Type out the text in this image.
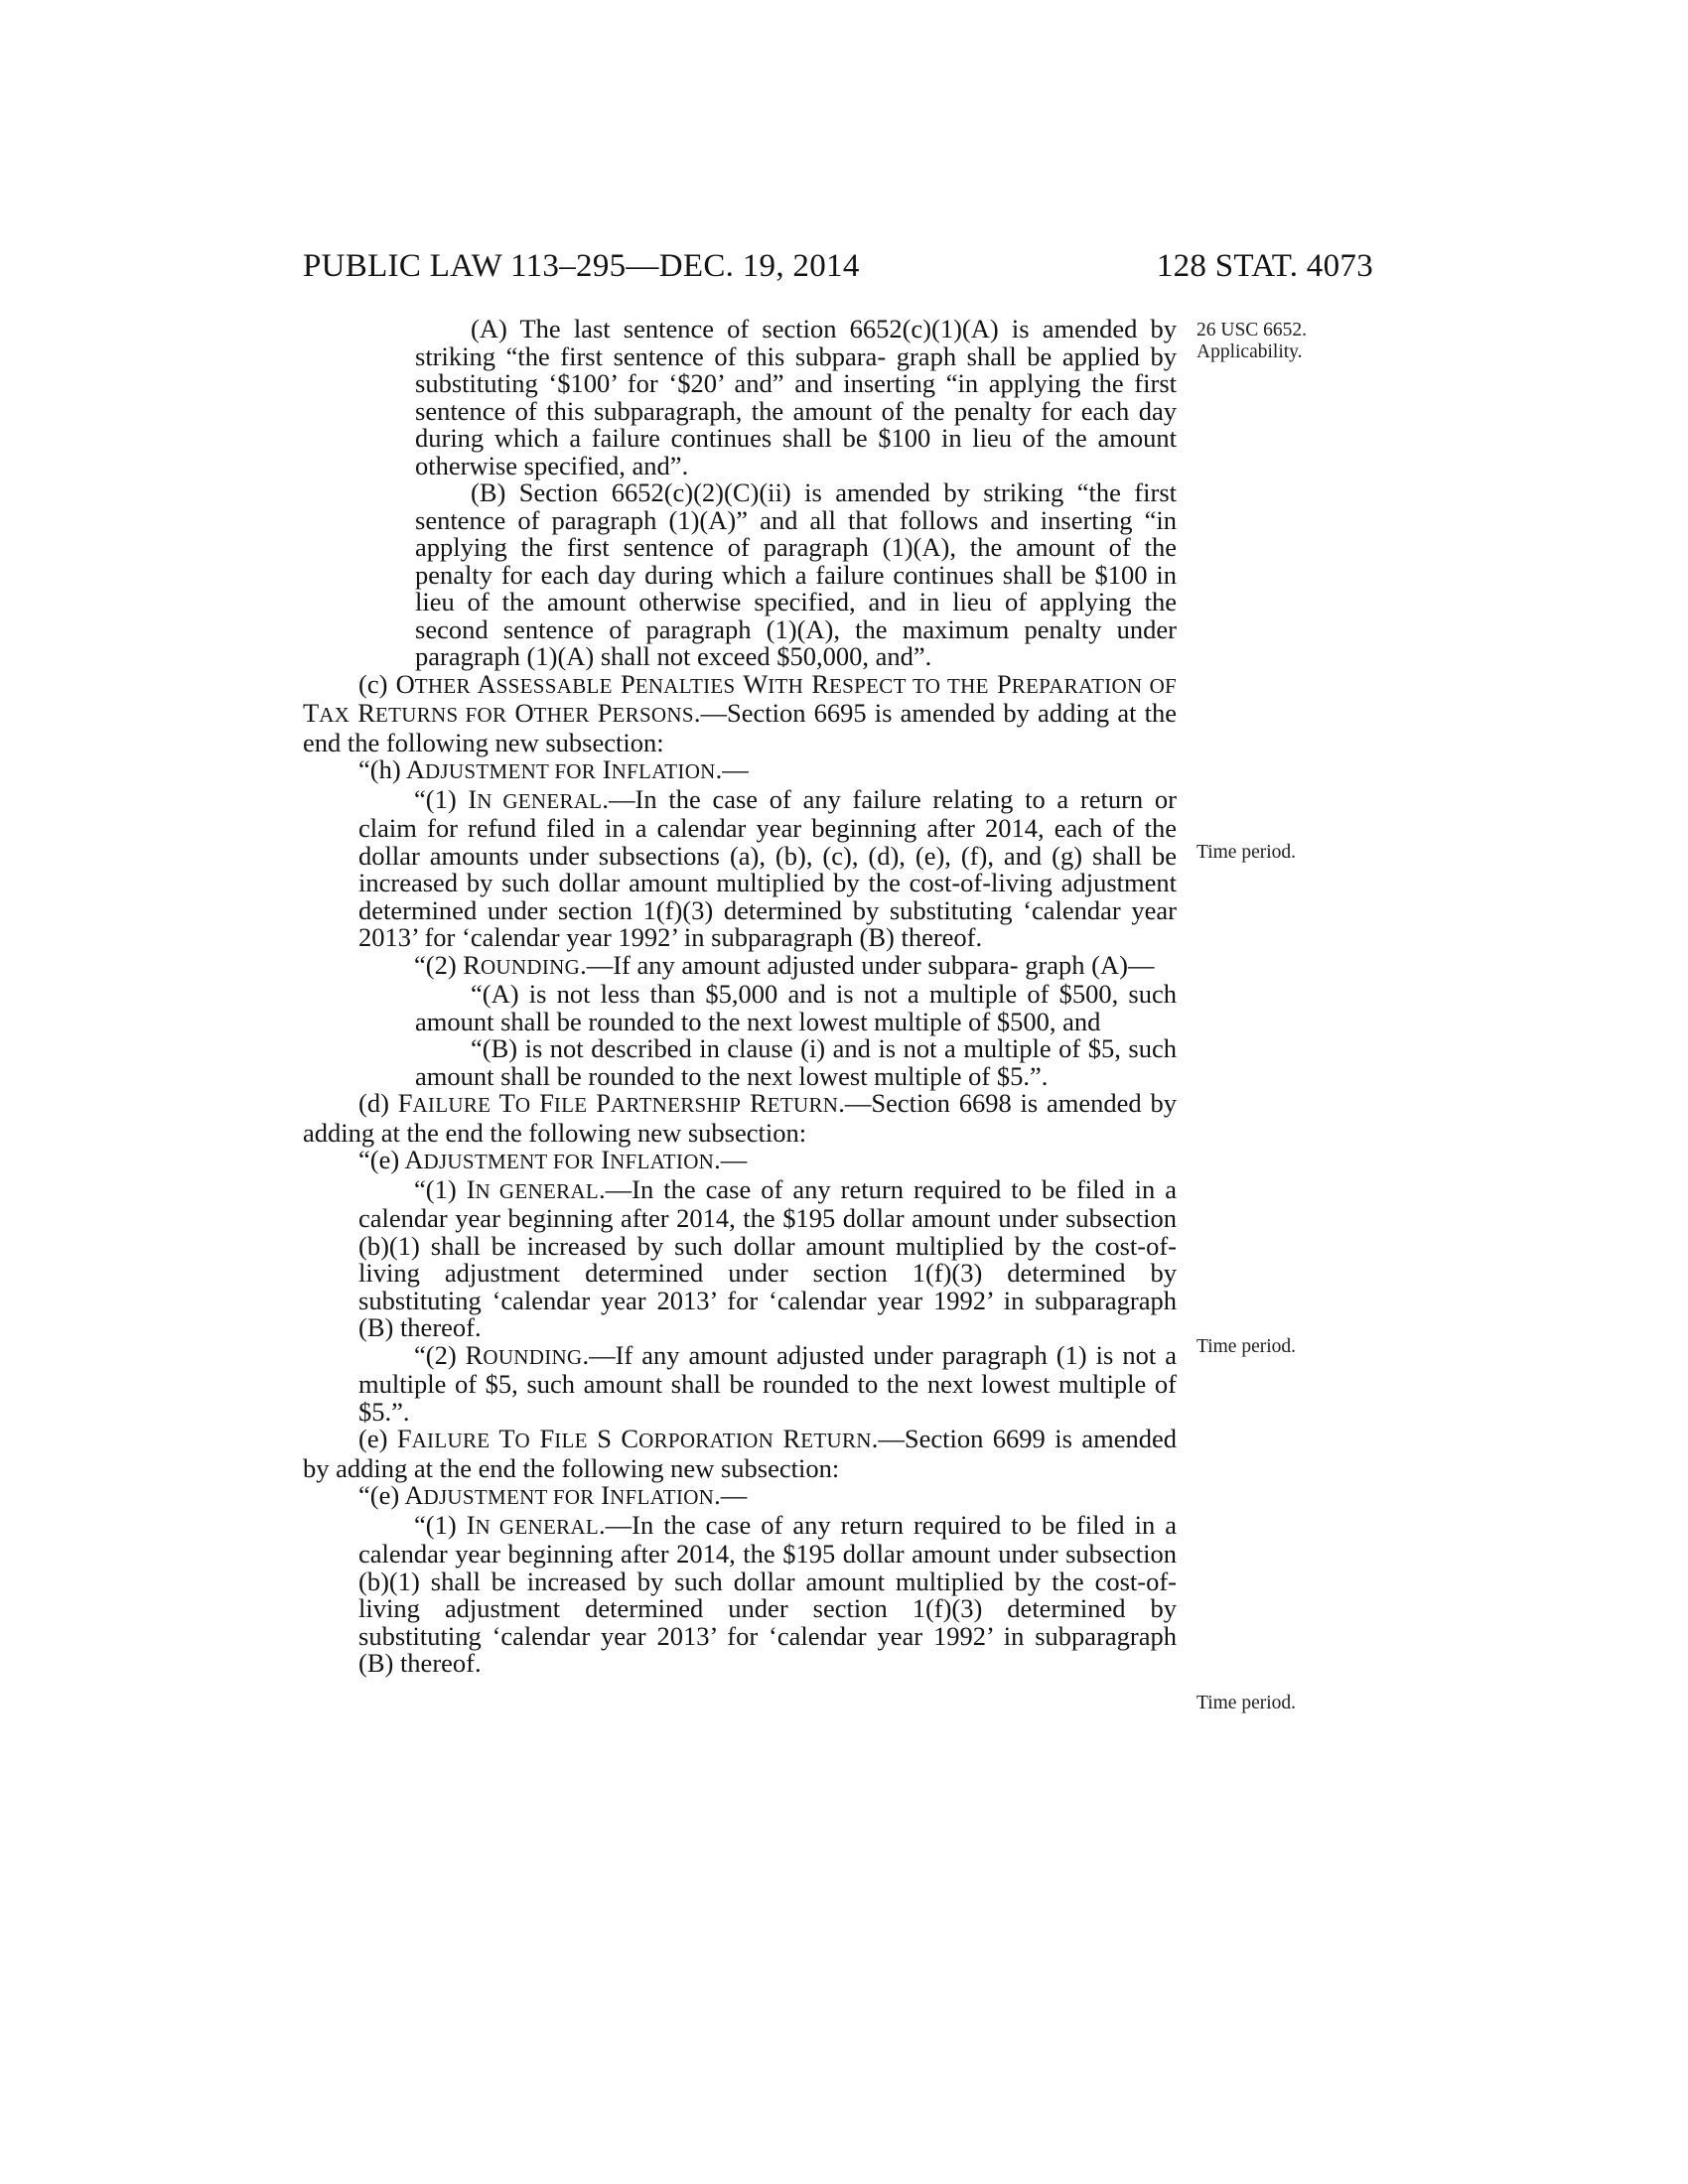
PUBLIC LAW 113–295—DEC. 19, 2014	128 STAT. 4073
26 USC 6652.
Applicability.
Time period.
Time period.
Time period.

(A) The last sentence of section 6652(c)(1)(A) is amended by striking “the first sentence of this subpara- graph shall be applied by substituting ‘$100’ for ‘$20’ and” and inserting “in applying the first sentence of this subparagraph, the amount of the penalty for each day during which a failure continues shall be $100 in lieu of the amount otherwise specified, and”.

(B) Section 6652(c)(2)(C)(ii) is amended by striking “the first sentence of paragraph (1)(A)” and all that follows and inserting “in applying the first sentence of paragraph (1)(A), the amount of the penalty for each day during which a failure continues shall be $100 in lieu of the amount otherwise specified, and in lieu of applying the second sentence of paragraph (1)(A), the maximum penalty under paragraph (1)(A) shall not exceed $50,000, and”.

(c) OTHER ASSESSABLE PENALTIES WITH RESPECT TO THE PREPARATION OF TAX RETURNS FOR OTHER PERSONS.—Section 6695 is amended by adding at the end the following new subsection:

“(h) ADJUSTMENT FOR INFLATION.—

“(1) IN GENERAL.—In the case of any failure relating to a return or claim for refund filed in a calendar year beginning after 2014, each of the dollar amounts under subsections (a), (b), (c), (d), (e), (f), and (g) shall be increased by such dollar amount multiplied by the cost-of-living adjustment determined under section 1(f)(3) determined by substituting ‘calendar year 2013’ for ‘calendar year 1992’ in subparagraph (B) thereof.

“(2) ROUNDING.—If any amount adjusted under subpara- graph (A)—

“(A) is not less than $5,000 and is not a multiple of $500, such amount shall be rounded to the next lowest multiple of $500, and

“(B) is not described in clause (i) and is not a multiple of $5, such amount shall be rounded to the next lowest multiple of $5.”.

(d) FAILURE TO FILE PARTNERSHIP RETURN.—Section 6698 is amended by adding at the end the following new subsection:

“(e) ADJUSTMENT FOR INFLATION.—

“(1) IN GENERAL.—In the case of any return required to be filed in a calendar year beginning after 2014, the $195 dollar amount under subsection (b)(1) shall be increased by such dollar amount multiplied by the cost-of-living adjustment determined under section 1(f)(3) determined by substituting ‘calendar year 2013’ for ‘calendar year 1992’ in subparagraph (B) thereof.

“(2) ROUNDING.—If any amount adjusted under paragraph (1) is not a multiple of $5, such amount shall be rounded to the next lowest multiple of $5.”.

(e) FAILURE TO FILE S CORPORATION RETURN.—Section 6699 is amended by adding at the end the following new subsection:

“(e) ADJUSTMENT FOR INFLATION.—

“(1) IN GENERAL.—In the case of any return required to be filed in a calendar year beginning after 2014, the $195 dollar amount under subsection (b)(1) shall be increased by such dollar amount multiplied by the cost-of-living adjustment determined under section 1(f)(3) determined by substituting ‘calendar year 2013’ for ‘calendar year 1992’ in subparagraph (B) thereof.
